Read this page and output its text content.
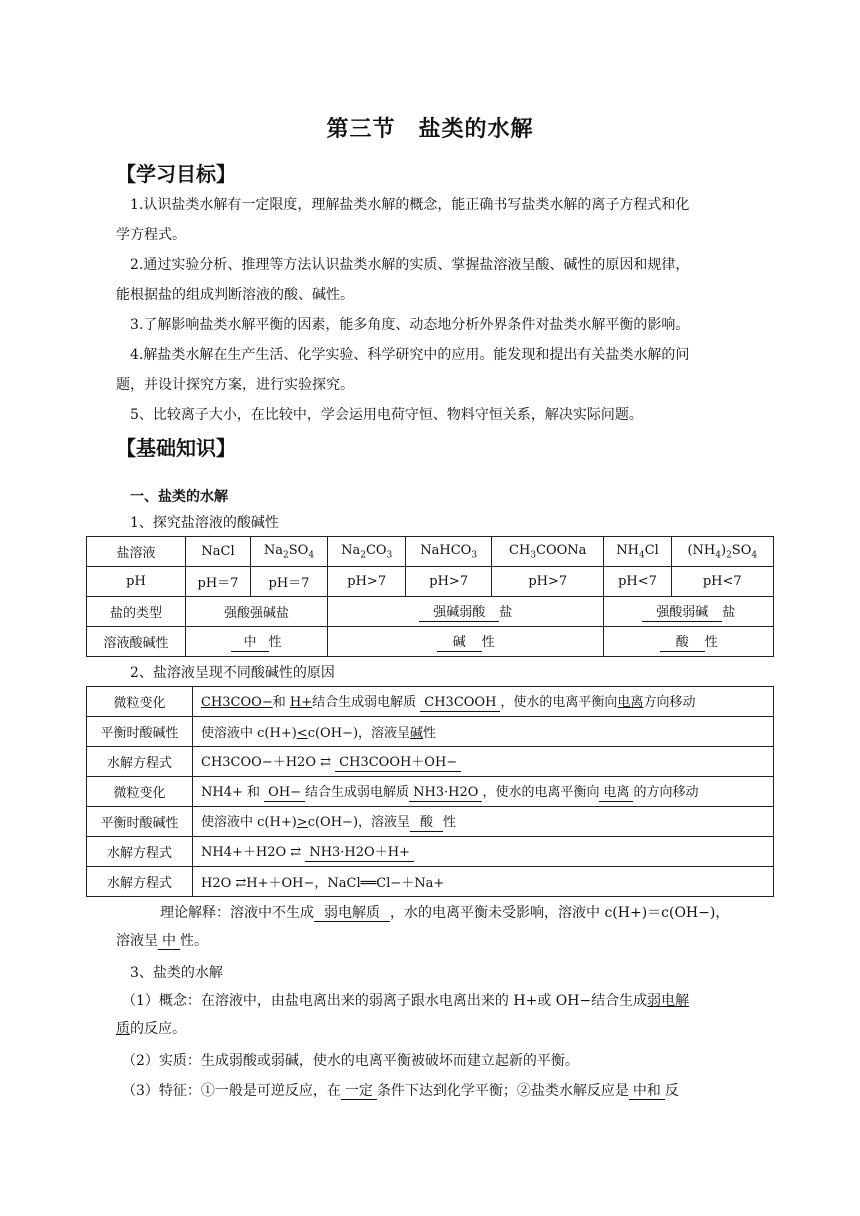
第三节　盐类的水解
【学习目标】
1.认识盐类水解有一定限度，理解盐类水解的概念，能正确书写盐类水解的离子方程式和化
学方程式。
2.通过实验分析、推理等方法认识盐类水解的实质、掌握盐溶液呈酸、碱性的原因和规律，
能根据盐的组成判断溶液的酸、碱性。
3.了解影响盐类水解平衡的因素，能多角度、动态地分析外界条件对盐类水解平衡的影响。
4.解盐类水解在生产生活、化学实验、科学研究中的应用。能发现和提出有关盐类水解的问
题，并设计探究方案，进行实验探究。
5、比较离子大小，在比较中，学会运用电荷守恒、物料守恒关系，解决实际问题。
【基础知识】
一、盐类的水解
1、探究盐溶液的酸碱性
盐溶液	NaCl	$Na_2SO_4$	$Na_2CO_3$	NaHCO$_3$	$CH_3COONa$	$NH_4Cl$	$(NH_4)_2SO_4$
pH	pH＝7	pH＝7	pH>7	pH>7	pH>7	pH<7	pH<7
盐的类型	强酸强碱盐		强碱弱酸 盐			强酸弱碱 盐	
溶液酸碱性	中 性		碱 性			酸 性	
2、盐溶液呈现不同酸碱性的原因
微粒变化	CH3COO−和 H+结合生成弱电解质 CH3COOH ，使水的电离平衡向电离方向移动
平衡时酸碱性	使溶液中 c(H+)<c(OH−)，溶液呈碱性
水解方程式	CH3COO−＋H2O ⇄ CH3COOH＋OH−
微粒变化	NH4+ 和 OH− 结合生成弱电解质 NH3·H2O ，使水的电离平衡向 电离 的方向移动
平衡时酸碱性	使溶液中 c(H+)>c(OH−)，溶液呈 酸 性
水解方程式	NH4+＋H2O ⇄ NH3·H2O＋H+
水解方程式	H2O ⇄H+＋OH−，NaCl══Cl−＋Na+
理论解释：溶液中不生成 弱电解质 ，水的电离平衡未受影响，溶液中 c(H+)＝c(OH−)，
溶液呈 中 性。
3、盐类的水解
（1）概念：在溶液中，由盐电离出来的弱离子跟水电离出来的 H+或 OH−结合生成弱电解
质的反应。
（2）实质：生成弱酸或弱碱，使水的电离平衡被破坏而建立起新的平衡。
（3）特征：①一般是可逆反应，在 一定 条件下达到化学平衡；②盐类水解反应是 中和 反
